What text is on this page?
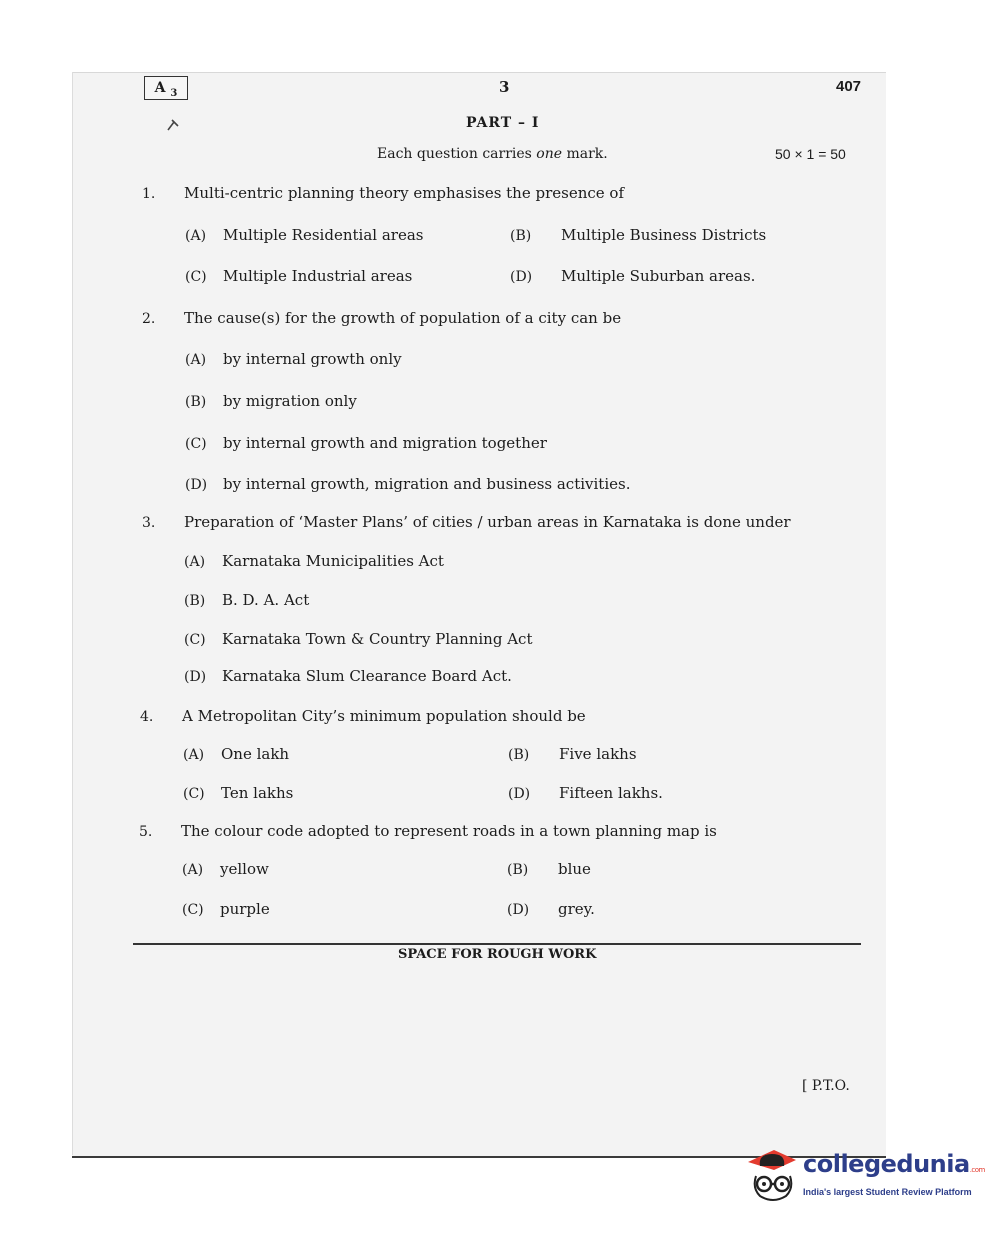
A $_3$	3	407
PART – I
Each question carries one mark.	50 × 1 = 50
1. Multi-centric planning theory emphasises the presence of
(A) Multiple Residential areas	(B) Multiple Business Districts
(C) Multiple Industrial areas	(D) Multiple Suburban areas.
2. The cause(s) for the growth of population of a city can be
(A) by internal growth only
(B) by migration only
(C) by internal growth and migration together
(D) by internal growth, migration and business activities.
3. Preparation of ‘Master Plans’ of cities / urban areas in Karnataka is done under
(A) Karnataka Municipalities Act
(B) B. D. A. Act
(C) Karnataka Town & Country Planning Act
(D) Karnataka Slum Clearance Board Act.
4. A Metropolitan City’s minimum population should be
(A) One lakh	(B) Five lakhs
(C) Ten lakhs	(D) Fifteen lakhs.
5. The colour code adopted to represent roads in a town planning map is
(A) yellow	(B) blue
(C) purple	(D) grey.
SPACE FOR ROUGH WORK
[ P.T.O.
collegedunia.com
India's largest Student Review Platform
